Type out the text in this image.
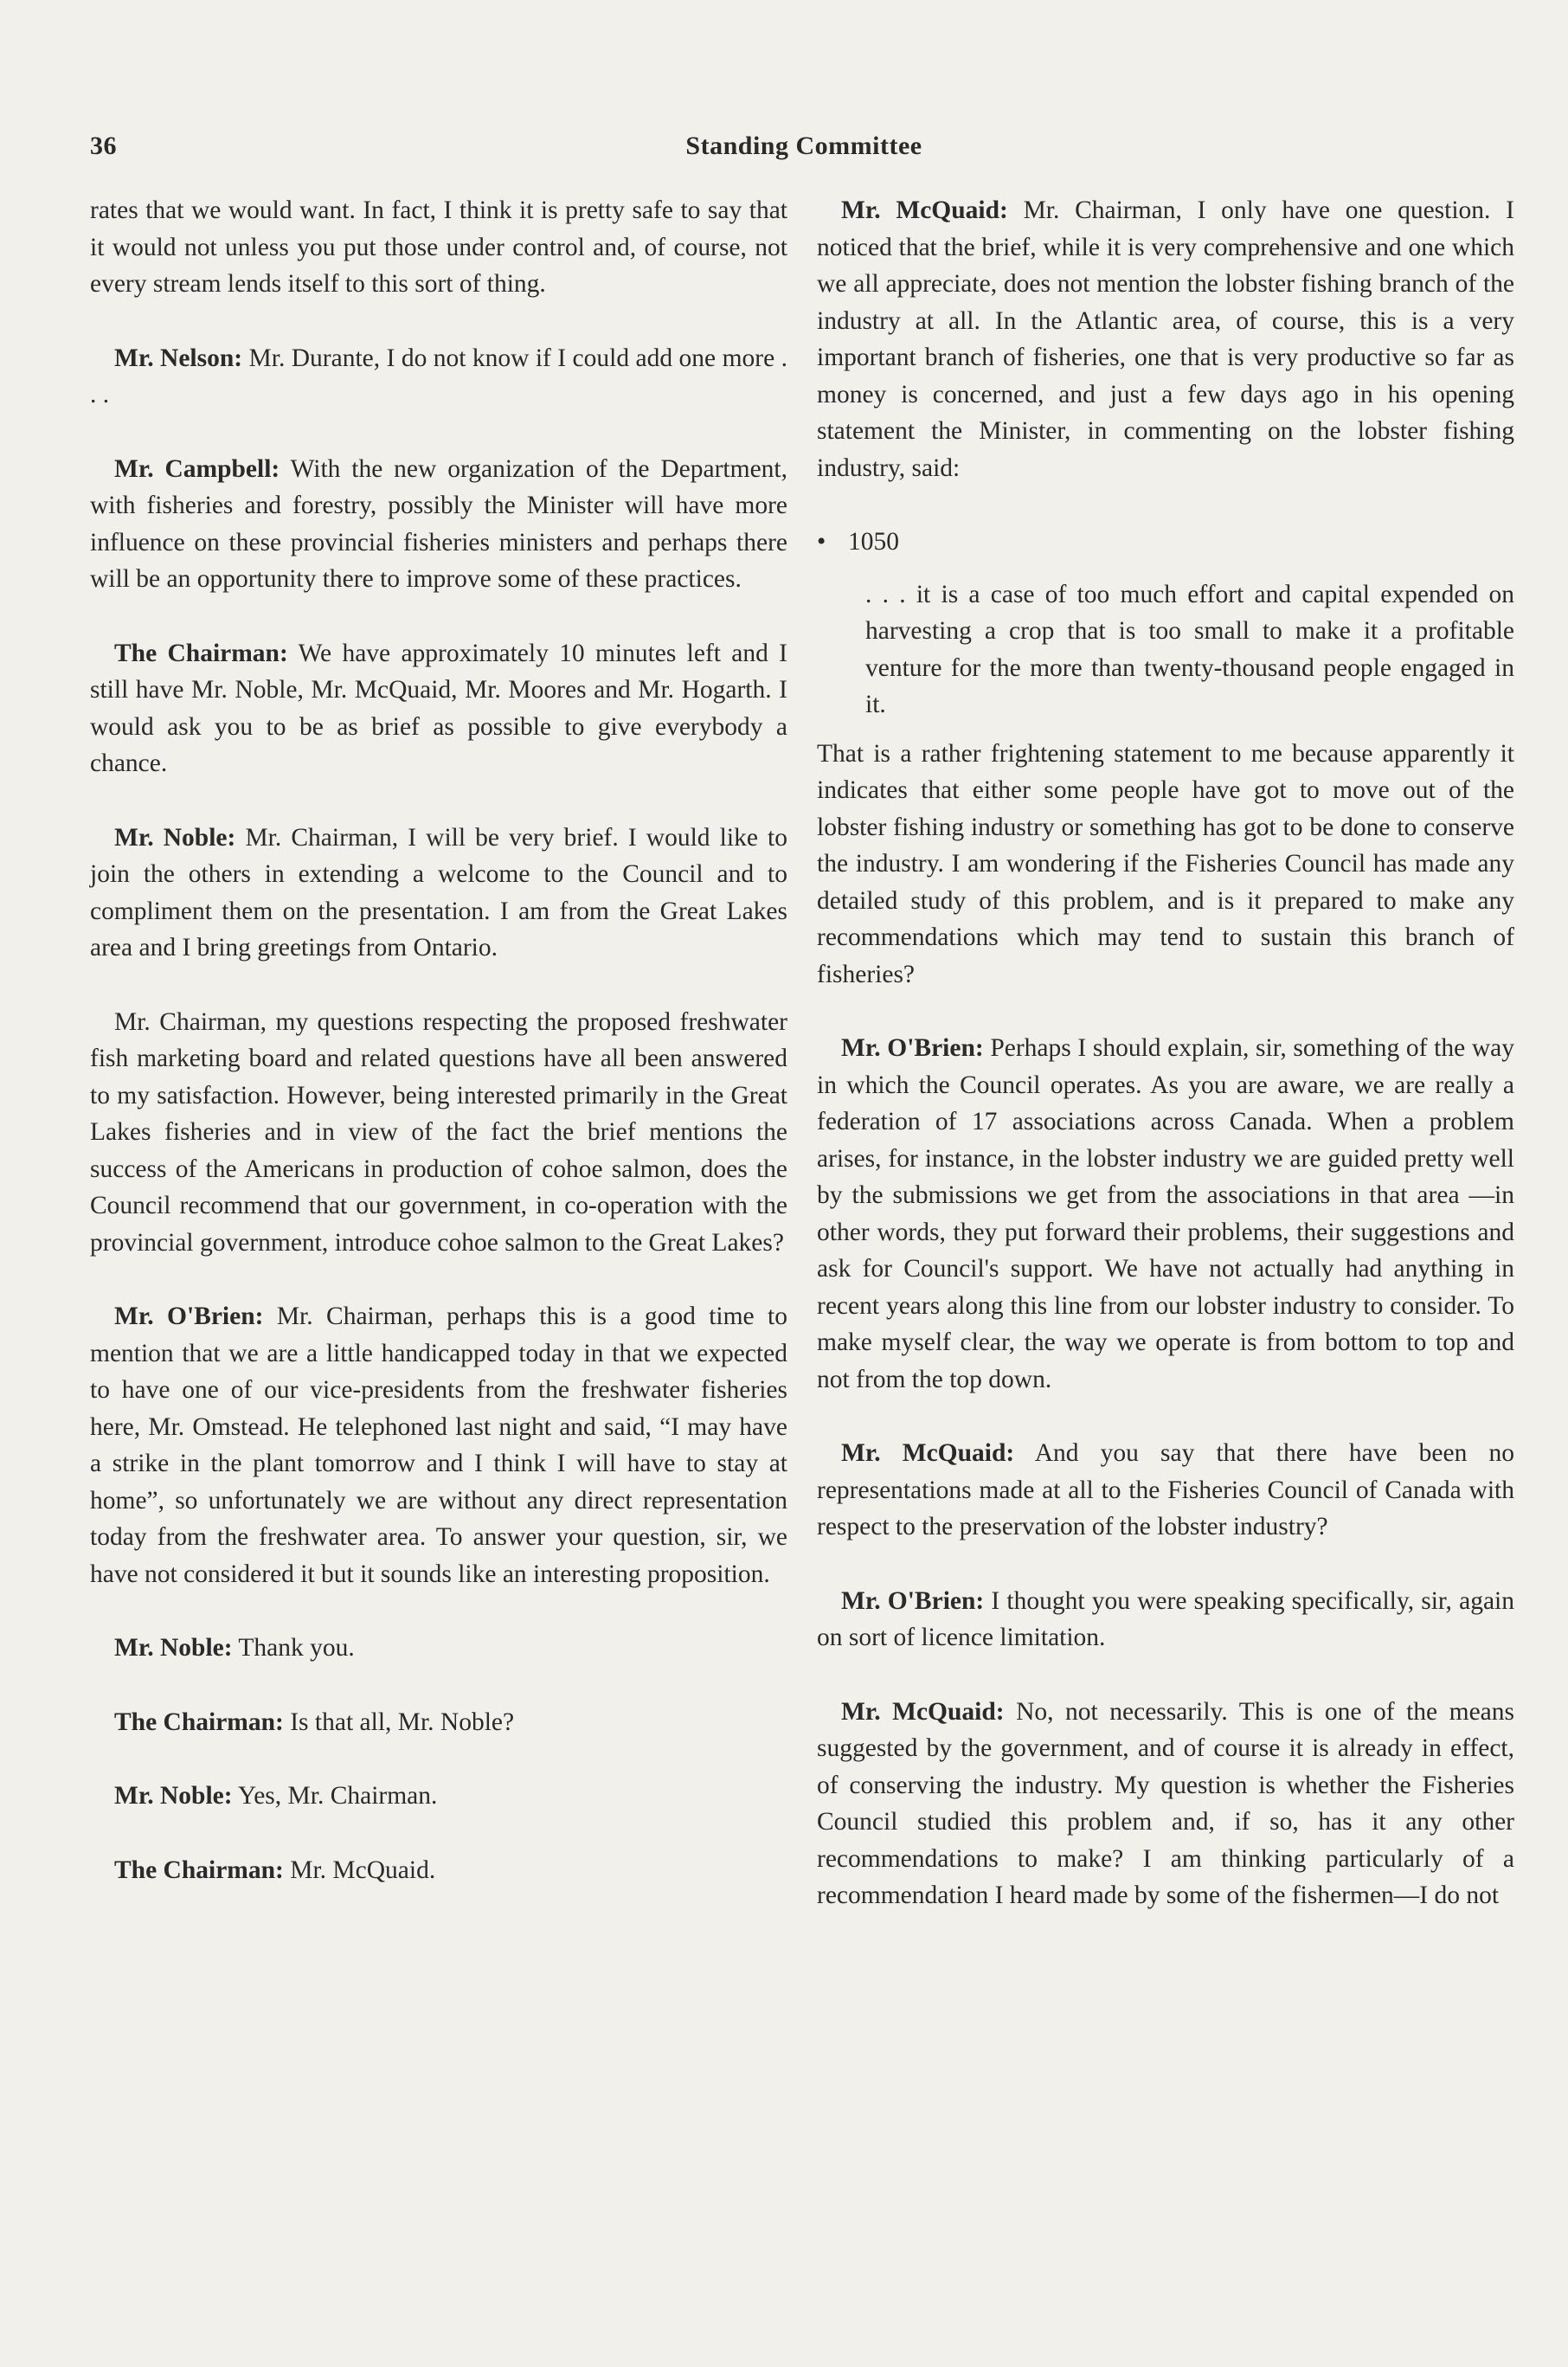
36	Standing Committee

rates that we would want. In fact, I think it is pretty safe to say that it would not unless you put those under control and, of course, not every stream lends itself to this sort of thing.

Mr. Nelson: Mr. Durante, I do not know if I could add one more . . .

Mr. Campbell: With the new organization of the Department, with fisheries and forestry, possibly the Minister will have more influence on these provincial fisheries ministers and perhaps there will be an opportunity there to improve some of these practices.

The Chairman: We have approximately 10 minutes left and I still have Mr. Noble, Mr. McQuaid, Mr. Moores and Mr. Hogarth. I would ask you to be as brief as possible to give everybody a chance.

Mr. Noble: Mr. Chairman, I will be very brief. I would like to join the others in extending a welcome to the Council and to compliment them on the presentation. I am from the Great Lakes area and I bring greetings from Ontario.

Mr. Chairman, my questions respecting the proposed freshwater fish marketing board and related questions have all been answered to my satisfaction. However, being interested primarily in the Great Lakes fisheries and in view of the fact the brief mentions the success of the Americans in production of cohoe salmon, does the Council recommend that our government, in co-operation with the provincial government, introduce cohoe salmon to the Great Lakes?

Mr. O'Brien: Mr. Chairman, perhaps this is a good time to mention that we are a little handicapped today in that we expected to have one of our vice-presidents from the freshwater fisheries here, Mr. Omstead. He telephoned last night and said, “I may have a strike in the plant tomorrow and I think I will have to stay at home”, so unfortunately we are without any direct representation today from the freshwater area. To answer your question, sir, we have not considered it but it sounds like an interesting proposition.

Mr. Noble: Thank you.

The Chairman: Is that all, Mr. Noble?

Mr. Noble: Yes, Mr. Chairman.

The Chairman: Mr. McQuaid.

Mr. McQuaid: Mr. Chairman, I only have one question. I noticed that the brief, while it is very comprehensive and one which we all appreciate, does not mention the lobster fishing branch of the industry at all. In the Atlantic area, of course, this is a very important branch of fisheries, one that is very productive so far as money is concerned, and just a few days ago in his opening statement the Minister, in commenting on the lobster fishing industry, said:

• 1050

. . . it is a case of too much effort and capital expended on harvesting a crop that is too small to make it a profitable venture for the more than twenty-thousand people engaged in it.

That is a rather frightening statement to me because apparently it indicates that either some people have got to move out of the lobster fishing industry or something has got to be done to conserve the industry. I am wondering if the Fisheries Council has made any detailed study of this problem, and is it prepared to make any recommendations which may tend to sustain this branch of fisheries?

Mr. O'Brien: Perhaps I should explain, sir, something of the way in which the Council operates. As you are aware, we are really a federation of 17 associations across Canada. When a problem arises, for instance, in the lobster industry we are guided pretty well by the submissions we get from the associations in that area —in other words, they put forward their problems, their suggestions and ask for Council's support. We have not actually had anything in recent years along this line from our lobster industry to consider. To make myself clear, the way we operate is from bottom to top and not from the top down.

Mr. McQuaid: And you say that there have been no representations made at all to the Fisheries Council of Canada with respect to the preservation of the lobster industry?

Mr. O'Brien: I thought you were speaking specifically, sir, again on sort of licence limitation.

Mr. McQuaid: No, not necessarily. This is one of the means suggested by the government, and of course it is already in effect, of conserving the industry. My question is whether the Fisheries Council studied this problem and, if so, has it any other recommendations to make? I am thinking particularly of a recommendation I heard made by some of the fishermen—I do not
